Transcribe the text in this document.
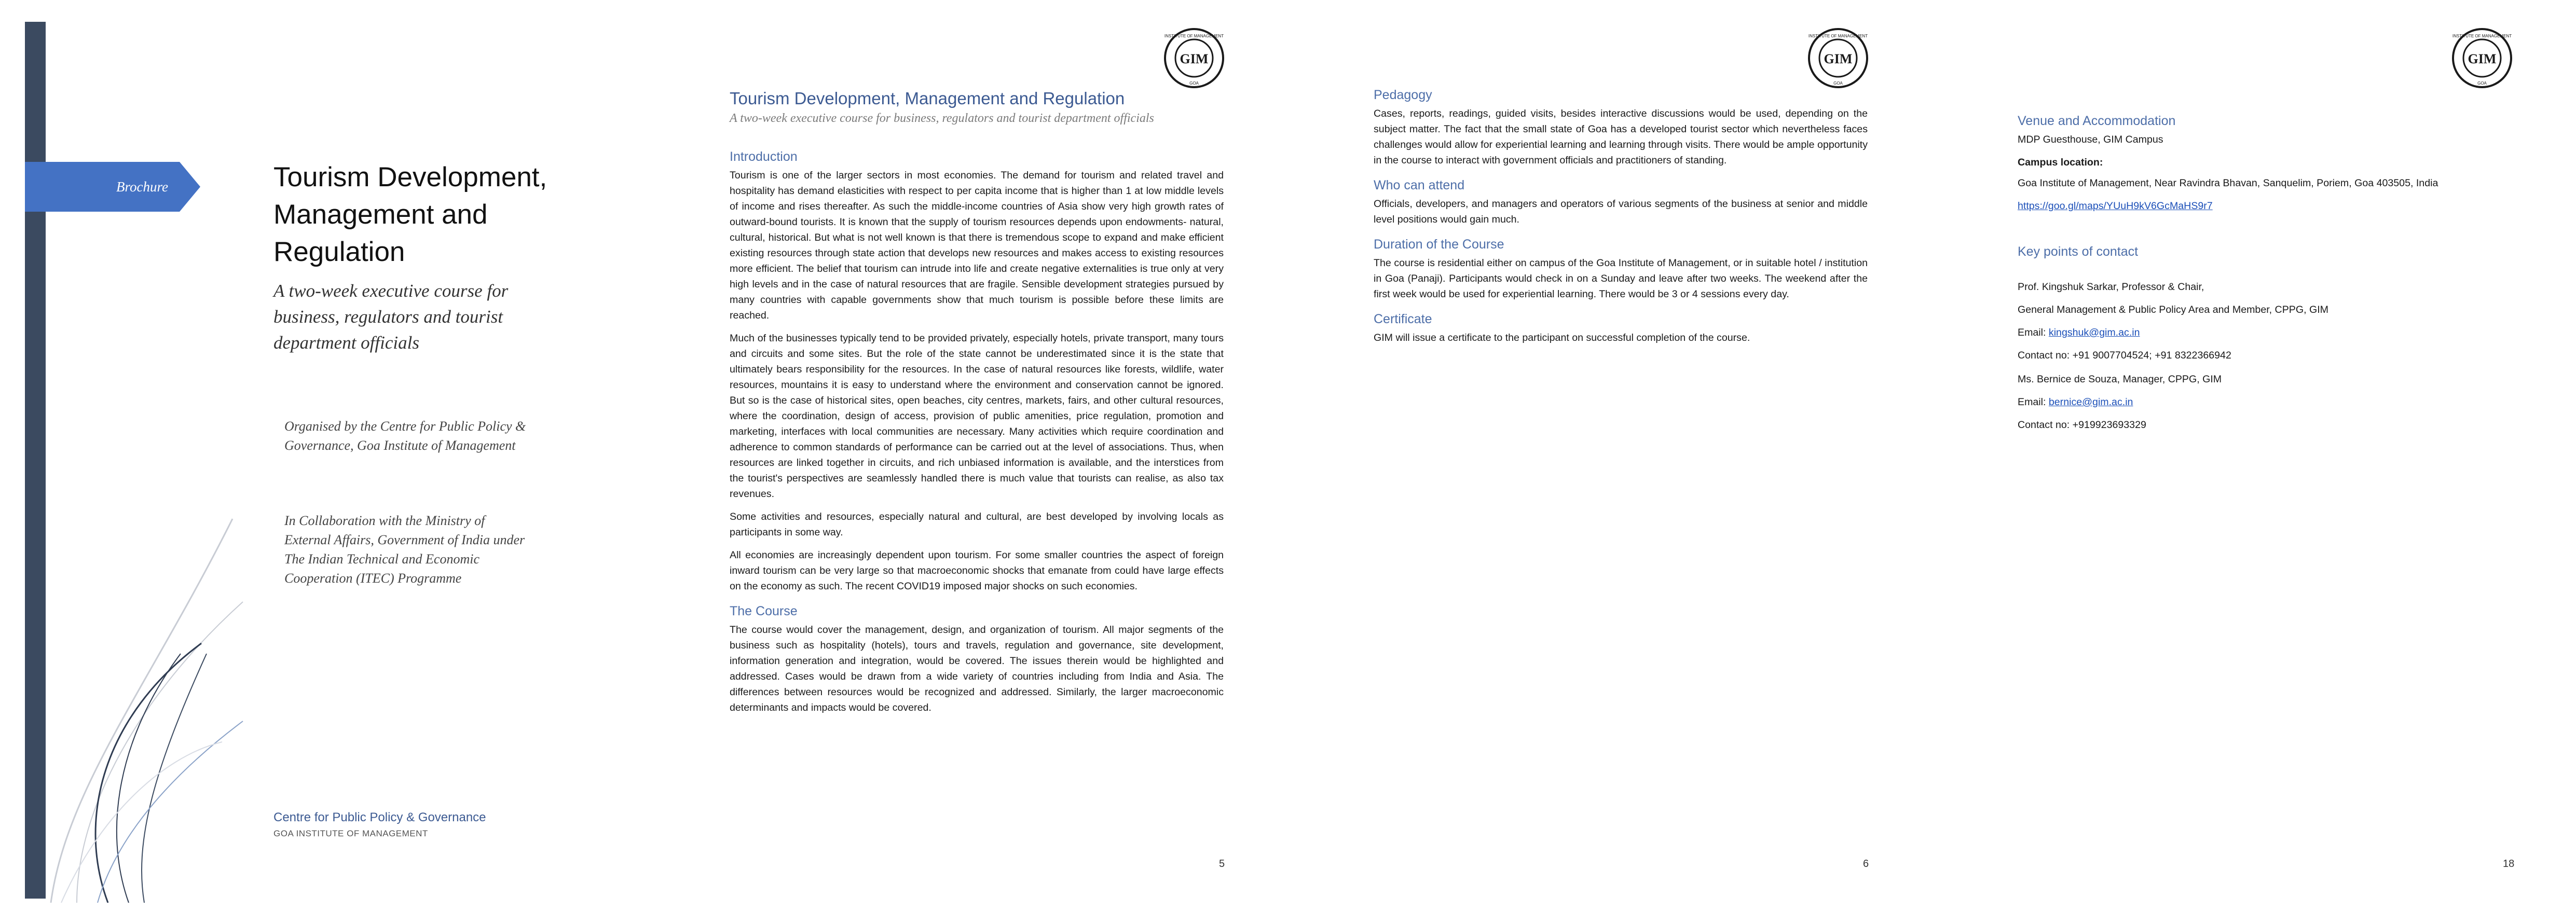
Brochure	Tourism Development, Management and Regulation
A two-week executive course for business, regulators and tourist department officials
Organised by the Centre for Public Policy & Governance, Goa Institute of Management
In Collaboration with the Ministry of External Affairs, Government of India under The Indian Technical and Economic Cooperation (ITEC) Programme
Centre for Public Policy & Governance
GOA INSTITUTE OF MANAGEMENT
GIM
INSTITUTE OF MANAGEMENT
GOA
Tourism Development, Management and Regulation
A two-week executive course for business, regulators and tourist department officials
Introduction

Tourism is one of the larger sectors in most economies. The demand for tourism and related travel and hospitality has demand elasticities with respect to per capita income that is higher than 1 at low middle levels of income and rises thereafter. As such the middle-income countries of Asia show very high growth rates of outward-bound tourists. It is known that the supply of tourism resources depends upon endowments- natural, cultural, historical. But what is not well known is that there is tremendous scope to expand and make efficient existing resources through state action that develops new resources and makes access to existing resources more efficient. The belief that tourism can intrude into life and create negative externalities is true only at very high levels and in the case of natural resources that are fragile. Sensible development strategies pursued by many countries with capable governments show that much tourism is possible before these limits are reached.

Much of the businesses typically tend to be provided privately, especially hotels, private transport, many tours and circuits and some sites. But the role of the state cannot be underestimated since it is the state that ultimately bears responsibility for the resources. In the case of natural resources like forests, wildlife, water resources, mountains it is easy to understand where the environment and conservation cannot be ignored. But so is the case of historical sites, open beaches, city centres, markets, fairs, and other cultural resources, where the coordination, design of access, provision of public amenities, price regulation, promotion and marketing, interfaces with local communities are necessary. Many activities which require coordination and adherence to common standards of performance can be carried out at the level of associations. Thus, when resources are linked together in circuits, and rich unbiased information is available, and the interstices from the tourist's perspectives are seamlessly handled there is much value that tourists can realise, as also tax revenues.

Some activities and resources, especially natural and cultural, are best developed by involving locals as participants in some way.

All economies are increasingly dependent upon tourism. For some smaller countries the aspect of foreign inward tourism can be very large so that macroeconomic shocks that emanate from could have large effects on the economy as such. The recent COVID19 imposed major shocks on such economies.

The Course

The course would cover the management, design, and organization of tourism. All major segments of the business such as hospitality (hotels), tours and travels, regulation and governance, site development, information generation and integration, would be covered. The issues therein would be highlighted and addressed. Cases would be drawn from a wide variety of countries including from India and Asia. The differences between resources would be recognized and addressed. Similarly, the larger macroeconomic determinants and impacts would be covered.

5
GIM
INSTITUTE OF MANAGEMENT
GOA
Pedagogy

Cases, reports, readings, guided visits, besides interactive discussions would be used, depending on the subject matter. The fact that the small state of Goa has a developed tourist sector which nevertheless faces challenges would allow for experiential learning and learning through visits. There would be ample opportunity in the course to interact with government officials and practitioners of standing.

Who can attend

Officials, developers, and managers and operators of various segments of the business at senior and middle level positions would gain much.

Duration of the Course

The course is residential either on campus of the Goa Institute of Management, or in suitable hotel / institution in Goa (Panaji). Participants would check in on a Sunday and leave after two weeks. The weekend after the first week would be used for experiential learning. There would be 3 or 4 sessions every day.

Certificate

GIM will issue a certificate to the participant on successful completion of the course.

6
GIM
INSTITUTE OF MANAGEMENT
GOA
Venue and Accommodation

MDP Guesthouse, GIM Campus

Campus location:

Goa Institute of Management, Near Ravindra Bhavan, Sanquelim, Poriem, Goa 403505, India

https://goo.gl/maps/YUuH9kV6GcMaHS9r7

Key points of contact

Prof. Kingshuk Sarkar, Professor & Chair,

General Management & Public Policy Area and Member, CPPG, GIM

Email: kingshuk@gim.ac.in

Contact no: +91 9007704524; +91 8322366942

Ms. Bernice de Souza, Manager, CPPG, GIM

Email: bernice@gim.ac.in

Contact no: +919923693329

18
